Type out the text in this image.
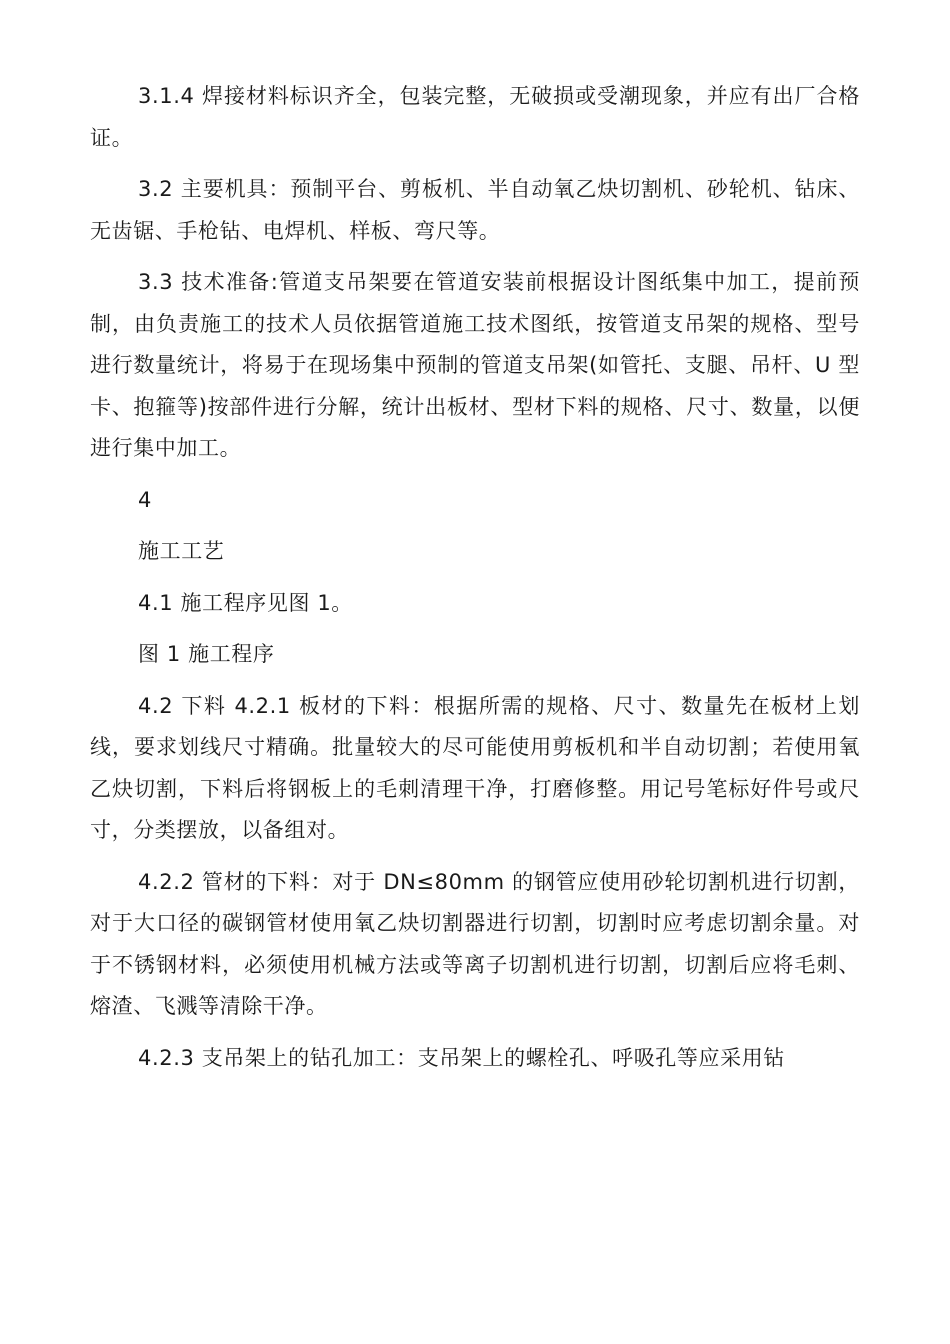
3.1.4 焊接材料标识齐全，包装完整，无破损或受潮现象，并应有出厂合格证。

3.2 主要机具：预制平台、剪板机、半自动氧乙炔切割机、砂轮机、钻床、无齿锯、手枪钻、电焊机、样板、弯尺等。

3.3 技术准备:管道支吊架要在管道安装前根据设计图纸集中加工，提前预制，由负责施工的技术人员依据管道施工技术图纸，按管道支吊架的规格、型号进行数量统计，将易于在现场集中预制的管道支吊架(如管托、支腿、吊杆、U 型卡、抱箍等)按部件进行分解，统计出板材、型材下料的规格、尺寸、数量，以便进行集中加工。

4

施工工艺

4.1 施工程序见图 1。

图 1 施工程序

4.2 下料 4.2.1 板材的下料：根据所需的规格、尺寸、数量先在板材上划线，要求划线尺寸精确。批量较大的尽可能使用剪板机和半自动切割；若使用氧乙炔切割，下料后将钢板上的毛刺清理干净，打磨修整。用记号笔标好件号或尺寸，分类摆放，以备组对。

4.2.2 管材的下料：对于 DN≤80mm 的钢管应使用砂轮切割机进行切割，对于大口径的碳钢管材使用氧乙炔切割器进行切割，切割时应考虑切割余量。对于不锈钢材料，必须使用机械方法或等离子切割机进行切割，切割后应将毛刺、熔渣、飞溅等清除干净。

4.2.3 支吊架上的钻孔加工：支吊架上的螺栓孔、呼吸孔等应采用钻
